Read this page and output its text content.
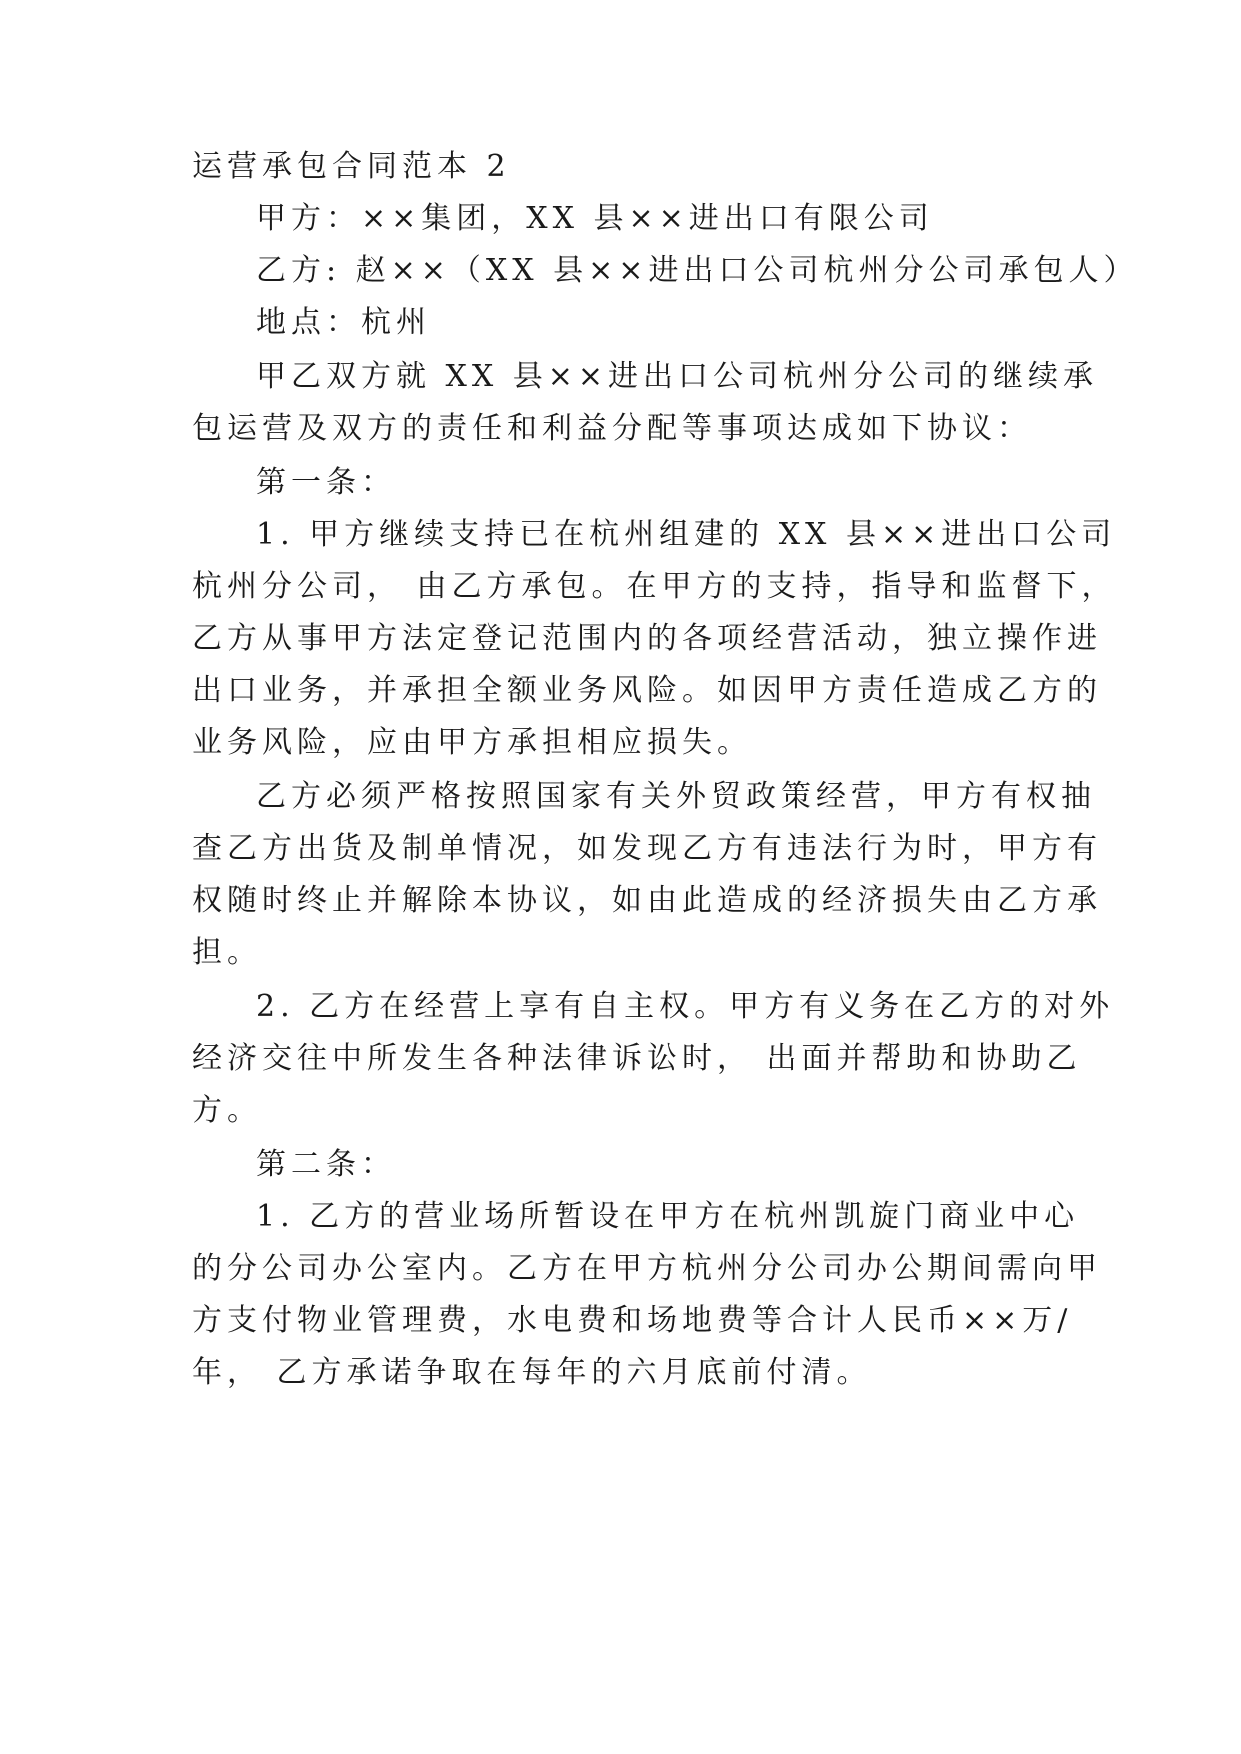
运营承包合同范本 2
甲方：××集团，XX 县××进出口有限公司
乙方: 赵××（XX 县××进出口公司杭州分公司承包人）
地点：杭州
甲乙双方就 XX 县××进出口公司杭州分公司的继续承
包运营及双方的责任和利益分配等事项达成如下协议：
第一条：
1. 甲方继续支持已在杭州组建的 XX 县××进出口公司
杭州分公司， 由乙方承包。在甲方的支持，指导和监督下，
乙方从事甲方法定登记范围内的各项经营活动，独立操作进
出口业务，并承担全额业务风险。如因甲方责任造成乙方的
业务风险，应由甲方承担相应损失。
乙方必须严格按照国家有关外贸政策经营，甲方有权抽
查乙方出货及制单情况，如发现乙方有违法行为时，甲方有
权随时终止并解除本协议，如由此造成的经济损失由乙方承
担。
2. 乙方在经营上享有自主权。甲方有义务在乙方的对外
经济交往中所发生各种法律诉讼时， 出面并帮助和协助乙
方。
第二条：
1. 乙方的营业场所暂设在甲方在杭州凯旋门商业中心
的分公司办公室内。乙方在甲方杭州分公司办公期间需向甲
方支付物业管理费，水电费和场地费等合计人民币××万/
年， 乙方承诺争取在每年的六月底前付清。
